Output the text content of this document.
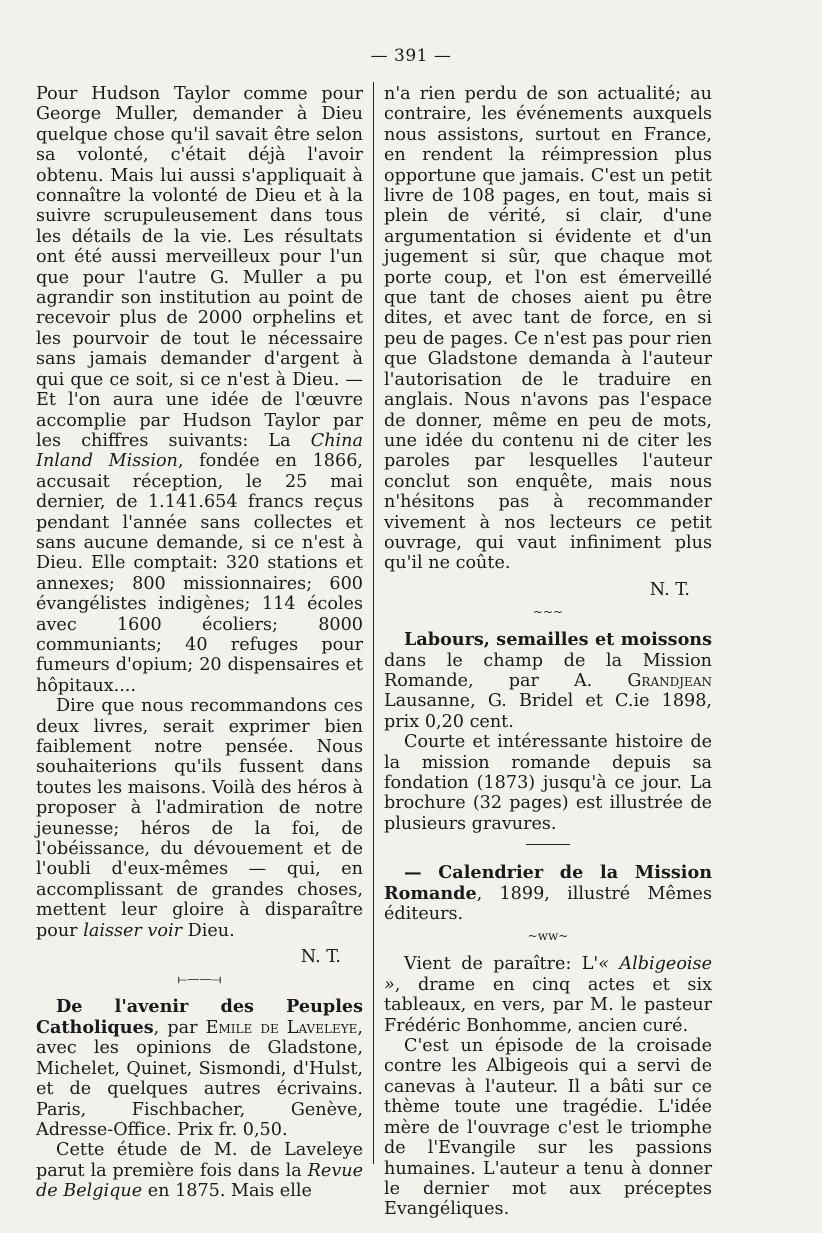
— 391 —

Pour Hudson Taylor comme pour George Muller, demander à Dieu quelque chose qu'il savait être selon sa volonté, c'était déjà l'avoir obtenu. Mais lui aussi s'appliquait à connaître la volonté de Dieu et à la suivre scrupuleusement dans tous les détails de la vie. Les résultats ont été aussi merveilleux pour l'un que pour l'autre G. Muller a pu agrandir son institution au point de recevoir plus de 2000 orphelins et les pourvoir de tout le nécessaire sans jamais demander d'argent à qui que ce soit, si ce n'est à Dieu. — Et l'on aura une idée de l'œuvre accomplie par Hudson Taylor par les chiffres suivants: La China Inland Mission, fondée en 1866, accusait réception, le 25 mai dernier, de 1.141.654 francs reçus pendant l'année sans collectes et sans aucune demande, si ce n'est à Dieu. Elle comptait: 320 stations et annexes; 800 missionnaires; 600 évangélistes indigènes; 114 écoles avec 1600 écoliers; 8000 communiants; 40 refuges pour fumeurs d'opium; 20 dispensaires et hôpitaux....

Dire que nous recommandons ces deux livres, serait exprimer bien faiblement notre pensée. Nous souhaiterions qu'ils fussent dans toutes les maisons. Voilà des héros à proposer à l'admiration de notre jeunesse; héros de la foi, de l'obéissance, du dévouement et de l'oubli d'eux-mêmes — qui, en accomplissant de grandes choses, mettent leur gloire à disparaître pour laisser voir Dieu.

N. T.

⟝——⟞

De l'avenir des Peuples Catholiques, par Emile de Laveleye, avec les opinions de Gladstone, Michelet, Quinet, Sismondi, d'Hulst, et de quelques autres écrivains. Paris, Fischbacher, Genève, Adresse-Office. Prix fr. 0,50.

Cette étude de M. de Laveleye parut la première fois dans la Revue de Belgique en 1875. Mais elle

n'a rien perdu de son actualité; au contraire, les événements auxquels nous assistons, surtout en France, en rendent la réimpression plus opportune que jamais. C'est un petit livre de 108 pages, en tout, mais si plein de vérité, si clair, d'une argumentation si évidente et d'un jugement si sûr, que chaque mot porte coup, et l'on est émerveillé que tant de choses aient pu être dites, et avec tant de force, en si peu de pages. Ce n'est pas pour rien que Gladstone demanda à l'auteur l'autorisation de le traduire en anglais. Nous n'avons pas l'espace de donner, même en peu de mots, une idée du contenu ni de citer les paroles par lesquelles l'auteur conclut son enquête, mais nous n'hésitons pas à recommander vivement à nos lecteurs ce petit ouvrage, qui vaut infiniment plus qu'il ne coûte.

N. T.

~~~

Labours, semailles et moissons dans le champ de la Mission Romande, par A. Grandjean Lausanne, G. Bridel et C.ie 1898, prix 0,20 cent.

Courte et intéressante histoire de la mission romande depuis sa fondation (1873) jusqu'à ce jour. La brochure (32 pages) est illustrée de plusieurs gravures.

— Calendrier de la Mission Romande, 1899, illustré Mêmes éditeurs.

~ww~

Vient de paraître: L'« Albigeoise », drame en cinq actes et six tableaux, en vers, par M. le pasteur Frédéric Bonhomme, ancien curé.

C'est un épisode de la croisade contre les Albigeois qui a servi de canevas à l'auteur. Il a bâti sur ce thème toute une tragédie. L'idée mère de l'ouvrage c'est le triomphe de l'Evangile sur les passions humaines. L'auteur a tenu à donner le dernier mot aux préceptes Evangéliques.
